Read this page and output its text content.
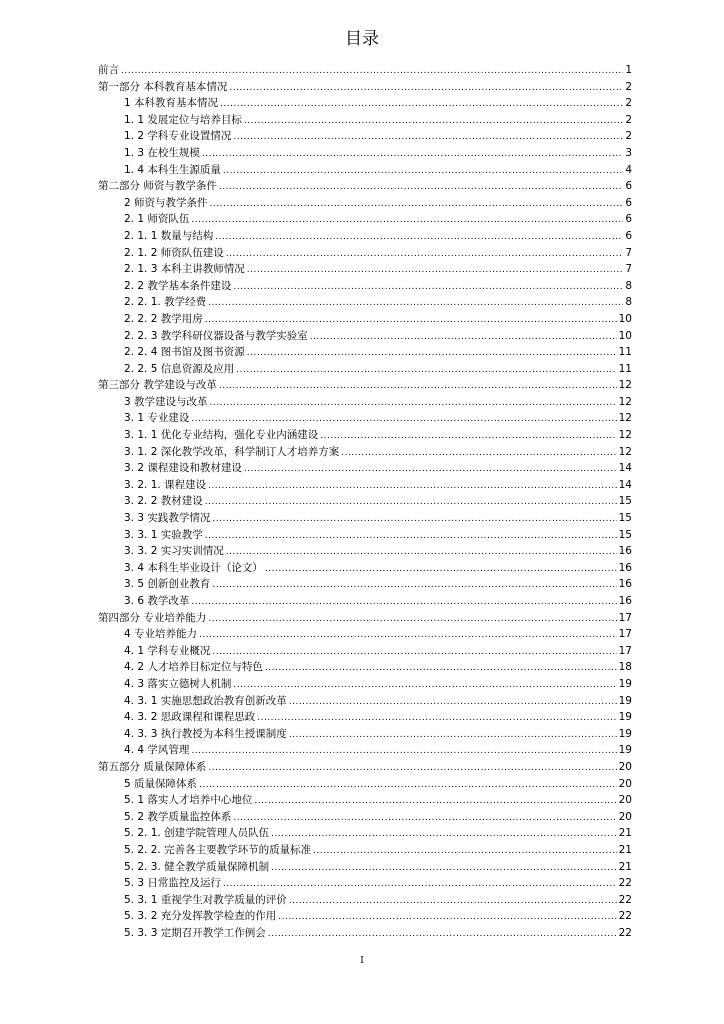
目录
前言 .....	1
第一部分 本科教育基本情况 .....	2
1 本科教育基本情况 .....	2
1. 1 发展定位与培养目标 .....	2
1. 2 学科专业设置情况 .....	2
1. 3 在校生规模 .....	3
1. 4 本科生生源质量 .....	4
第二部分 师资与教学条件 .....	6
2 师资与教学条件 .....	6
2. 1 师资队伍 .....	6
2. 1. 1 数量与结构 .....	6
2. 1. 2 师资队伍建设 .....	7
2. 1. 3 本科主讲教师情况 .....	7
2. 2 教学基本条件建设 .....	8
2. 2. 1. 教学经费 .....	8
2. 2. 2 教学用房 .....	10
2. 2. 3 教学科研仪器设备与教学实验室 .....	10
2. 2. 4 图书馆及图书资源 .....	11
2. 2. 5 信息资源及应用 .....	11
第三部分 教学建设与改革 .....	12
3 教学建设与改革 .....	12
3. 1 专业建设 .....	12
3. 1. 1 优化专业结构，强化专业内涵建设 .....	12
3. 1. 2 深化教学改革，科学制订人才培养方案 .....	12
3. 2 课程建设和教材建设 .....	14
3. 2. 1. 课程建设 .....	14
3. 2. 2 教材建设 .....	15
3. 3 实践教学情况 .....	15
3. 3. 1 实验教学 .....	15
3. 3. 2 实习实训情况 .....	16
3. 4 本科生毕业设计（论文） .....	16
3. 5 创新创业教育 .....	16
3. 6 教学改革 .....	16
第四部分 专业培养能力 .....	17
4 专业培养能力 .....	17
4. 1 学科专业概况 .....	17
4. 2 人才培养目标定位与特色 .....	18
4. 3 落实立德树人机制 .....	19
4. 3. 1 实施思想政治教育创新改革 .....	19
4. 3. 2 思政课程和课程思政 .....	19
4. 3. 3 执行教授为本科生授课制度 .....	19
4. 4 学风管理 .....	19
第五部分 质量保障体系 .....	20
5 质量保障体系 .....	20
5. 1 落实人才培养中心地位 .....	20
5. 2 教学质量监控体系 .....	20
5. 2. 1. 创建学院管理人员队伍 .....	21
5. 2. 2. 完善各主要教学环节的质量标准 .....	21
5. 2. 3. 健全教学质量保障机制 .....	21
5. 3 日常监控及运行 .....	22
5. 3. 1 重视学生对教学质量的评价 .....	22
5. 3. 2 充分发挥教学检查的作用 .....	22
5. 3. 3 定期召开教学工作例会 .....	22
I
